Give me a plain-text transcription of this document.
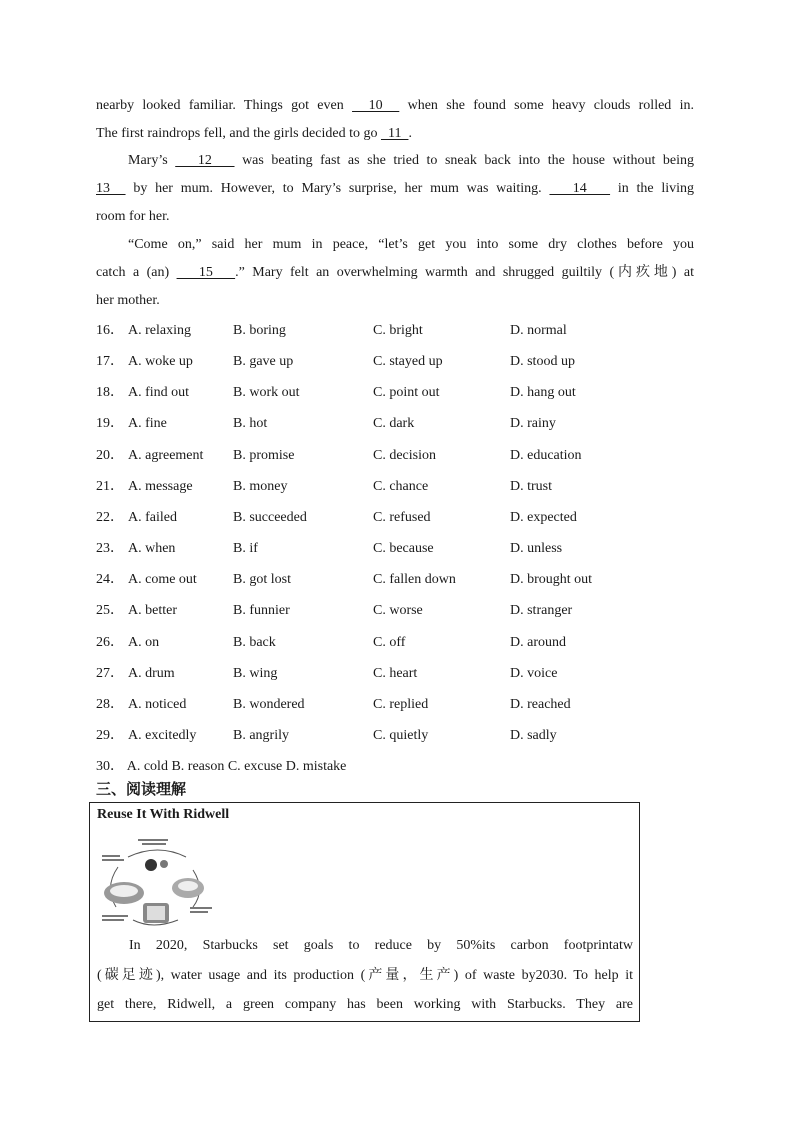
nearby looked familiar. Things got even   10   when she found some heavy clouds rolled in.
The first raindrops fell, and the girls decided to go   11  .
Mary’s    12    was beating fast as she tried to sneak back into the house without being
13   by her mum. However, to Mary’s surprise, her mum was waiting.    14    in the living
room for her.
“Come on,” said her mum in peace, “let’s get you into some dry clothes before you
catch a (an)    15   .” Mary felt an overwhelming warmth and shrugged guiltily (内疚地) at
her mother.
16． A. relaxing	B. boring	C. bright	D. normal
17． A. woke up	B. gave up	C. stayed up	D. stood up
18． A. find out	B. work out	C. point out	D. hang out
19． A. fine	B. hot	C. dark	D. rainy
20． A. agreement B. promise	C. decision	D. education
21． A. message	B. money	C. chance	D. trust
22． A. failed	B. succeeded	C. refused	D. expected
23． A. when	B. if	C. because	D. unless
24． A. come out	B. got lost	C. fallen down	D. brought out
25． A. better	B. funnier	C. worse	D. stranger
26． A. on	B. back	C. off	D. around
27． A. drum	B. wing	C. heart	D. voice
28． A. noticed	B. wondered	C. replied	D. reached
29． A. excitedly	B. angrily	C. quietly	D. sadly
30． A. cold B. reason C. excuse D. mistake
三、阅读理解
Reuse It With Ridwell
In 2020, Starbucks set goals to reduce by 50%its carbon footprintatw
(碳足迹), water usage and its production (产量，生产) of waste by2030. To help it
get there, Ridwell, a green company has been working with Starbucks. They are
